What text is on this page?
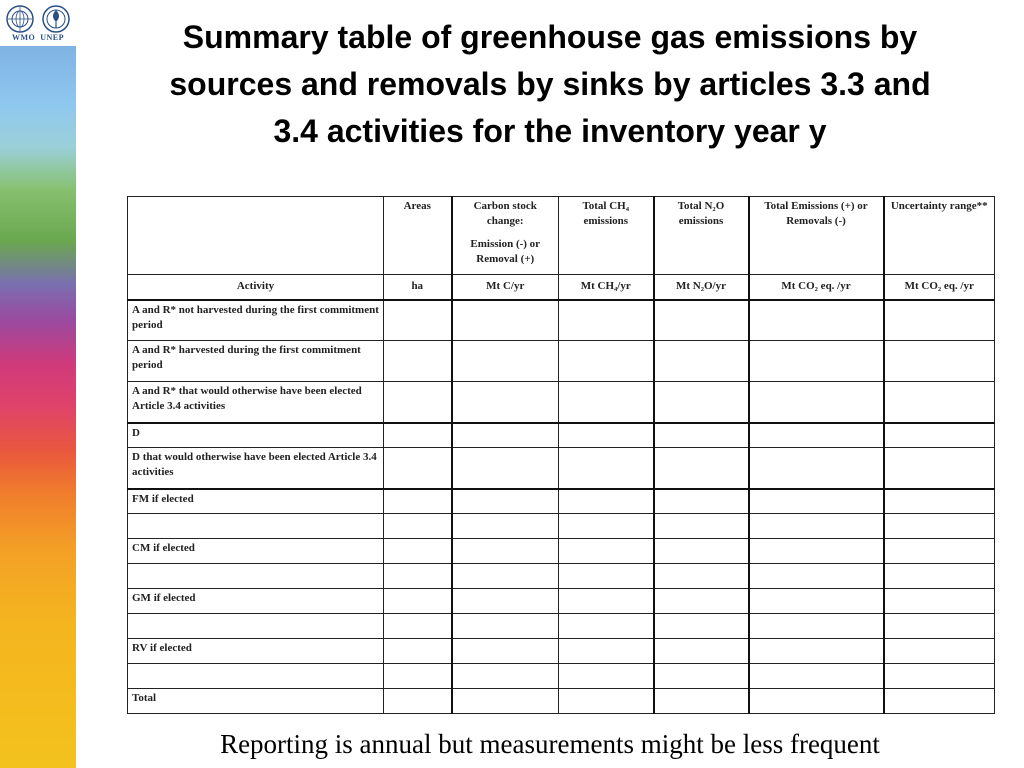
WMO UNEP	Summary table of greenhouse gas emissions by sources and removals by sinks by articles 3.3 and 3.4 activities for the inventory year y

	Areas	Carbon stock change:
Emission (-) or Removal (+)	Total CH₄ emissions	Total N₂O emissions	Total Emissions (+) or Removals (-)	Uncertainty range**

Activity	ha	Mt C/yr	Mt CH₄/yr	Mt N₂O/yr	Mt CO₂ eq. /yr	Mt CO₂ eq. /yr
A and R* not harvested during the first commitment period						
A and R* harvested during the first commitment period						
A and R* that would otherwise have been elected Article 3.4 activities						
D						
D that would otherwise have been elected Article 3.4 activities						
FM if elected						

CM if elected						

GM if elected						

RV if elected						

Total						
Reporting is annual but measurements might be less frequent
